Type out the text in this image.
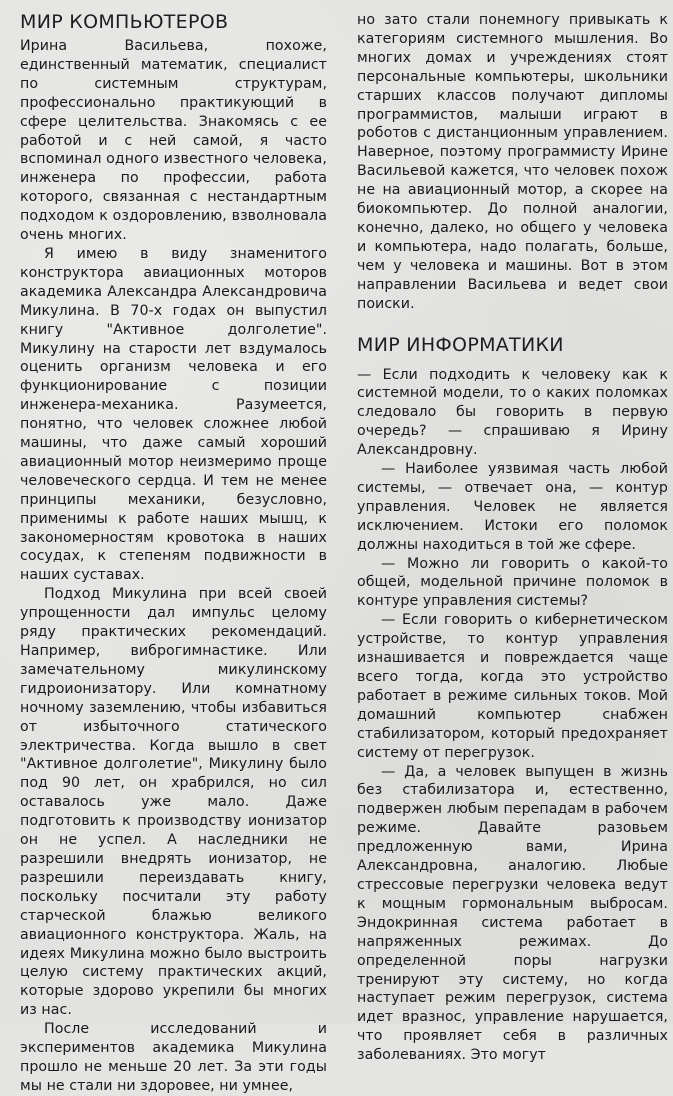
МИР КОМПЬЮТЕРОВ

Ирина Васильева, похоже, единственный математик, специалист по системным структурам, профессионально практикующий в сфере целительства. Знакомясь с ее работой и с ней самой, я часто вспоминал одного известного человека, инженера по профессии, работа которого, связанная с нестандартным подходом к оздоровлению, взволновала очень многих.

Я имею в виду знаменитого конструктора авиационных моторов академика Александра Александровича Микулина. В 70-х годах он выпустил книгу "Активное долголетие". Микулину на старости лет вздумалось оценить организм человека и его функционирование с позиции инженера-механика. Разумеется, понятно, что человек сложнее любой машины, что даже самый хороший авиационный мотор неизмеримо проще человеческого сердца. И тем не менее принципы механики, безусловно, применимы к работе наших мышц, к закономерностям кровотока в наших сосудах, к степеням подвижности в наших суставах.

Подход Микулина при всей своей упрощенности дал импульс целому ряду практических рекомендаций. Например, виброгимнастике. Или замечательному микулинскому гидроионизатору. Или комнатному ночному заземлению, чтобы избавиться от избыточного статического электричества. Когда вышло в свет "Активное долголетие", Микулину было под 90 лет, он храбрился, но сил оставалось уже мало. Даже подготовить к производству ионизатор он не успел. А наследники не разрешили внедрять ионизатор, не разрешили переиздавать книгу, поскольку посчитали эту работу старческой блажью великого авиационного конструктора. Жаль, на идеях Микулина можно было выстроить целую систему практических акций, которые здорово укрепили бы многих из нас.

После исследований и экспериментов академика Микулина прошло не меньше 20 лет. За эти годы мы не стали ни здоровее, ни умнее,

но зато стали понемногу привыкать к категориям системного мышления. Во многих домах и учреждениях стоят персональные компьютеры, школьники старших классов получают дипломы программистов, малыши играют в роботов с дистанционным управлением. Наверное, поэтому программисту Ирине Васильевой кажется, что человек похож не на авиационный мотор, а скорее на биокомпьютер. До полной аналогии, конечно, далеко, но общего у человека и компьютера, надо полагать, больше, чем у человека и машины. Вот в этом направлении Васильева и ведет свои поиски.

МИР ИНФОРМАТИКИ

— Если подходить к человеку как к системной модели, то о каких поломках следовало бы говорить в первую очередь? — спрашиваю я Ирину Александровну.

— Наиболее уязвимая часть любой системы, — отвечает она, — контур управления. Человек не является исключением. Истоки его поломок должны находиться в той же сфере.

— Можно ли говорить о какой-то общей, модельной причине поломок в контуре управления системы?

— Если говорить о кибернетическом устройстве, то контур управления изнашивается и повреждается чаще всего тогда, когда это устройство работает в режиме сильных токов. Мой домашний компьютер снабжен стабилизатором, который предохраняет систему от перегрузок.

— Да, а человек выпущен в жизнь без стабилизатора и, естественно, подвержен любым перепадам в рабочем режиме. Давайте разовьем предложенную вами, Ирина Александровна, аналогию. Любые стрессовые перегрузки человека ведут к мощным гормональным выбросам. Эндокринная система работает в напряженных режимах. До определенной поры нагрузки тренируют эту систему, но когда наступает режим перегрузок, система идет вразнос, управление нарушается, что проявляет себя в различных заболеваниях. Это могут
